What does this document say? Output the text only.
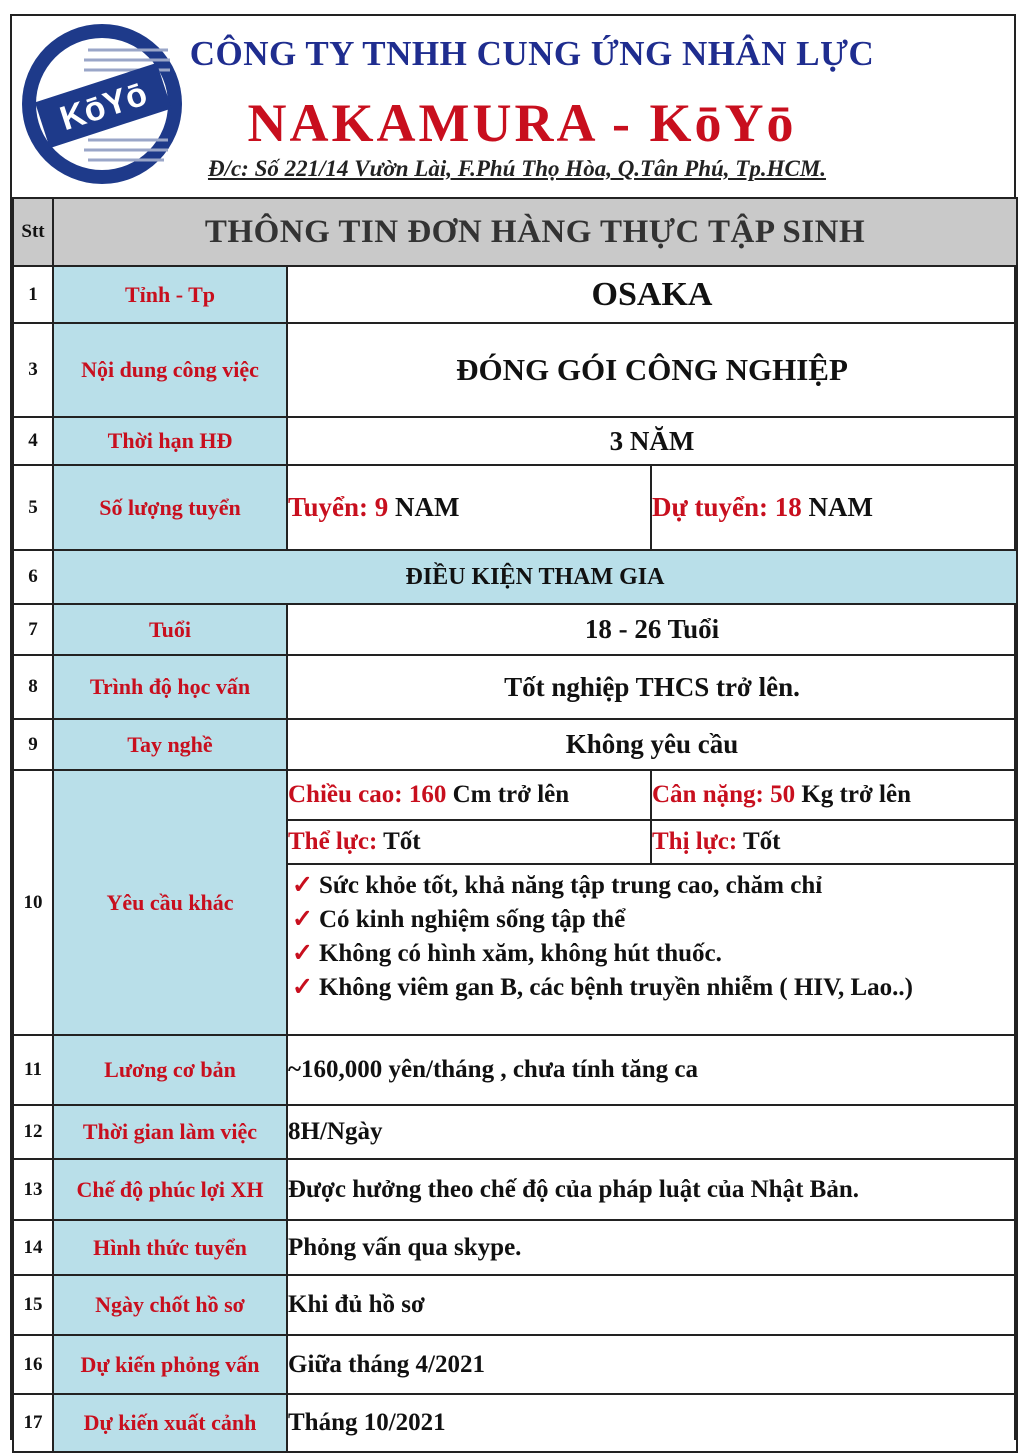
KōYō
CÔNG TY TNHH CUNG ỨNG NHÂN LỰC
NAKAMURA - KōYō
Đ/c: Số 221/14 Vườn Lài, F.Phú Thọ Hòa, Q.Tân Phú, Tp.HCM.
Stt	THÔNG TIN ĐƠN HÀNG THỰC TẬP SINH		
1	Tỉnh - Tp	OSAKA	
3	Nội dung công việc	ĐÓNG GÓI CÔNG NGHIỆP	
4	Thời hạn HĐ	3 NĂM	
5	Số lượng tuyển	Tuyển: 9 NAM	Dự tuyển: 18 NAM
6	ĐIỀU KIỆN THAM GIA		
7	Tuổi	18 - 26 Tuổi	
8	Trình độ học vấn	Tốt nghiệp THCS trở lên.	
9	Tay nghề	Không yêu cầu	
10	Yêu cầu khác	Chiều cao: 160 Cm trở lên	Cân nặng: 50 Kg trở lên
		Thể lực: Tốt	Thị lực: Tốt

		✓ Sức khỏe tốt, khả năng tập trung cao, chăm chỉ
✓ Có kinh nghiệm sống tập thể
✓ Không có hình xăm, không hút thuốc.
✓ Không viêm gan B, các bệnh truyền nhiễm ( HIV, Lao..)	

11	Lương cơ bản	~160,000 yên/tháng , chưa tính tăng ca	
12	Thời gian làm việc	8H/Ngày	
13	Chế độ phúc lợi XH	Được hưởng theo chế độ của pháp luật của Nhật Bản.	
14	Hình thức tuyển	Phỏng vấn qua skype.	
15	Ngày chốt hồ sơ	Khi đủ hồ sơ	
16	Dự kiến phỏng vấn	Giữa tháng 4/2021	
17	Dự kiến xuất cảnh	Tháng 10/2021	
